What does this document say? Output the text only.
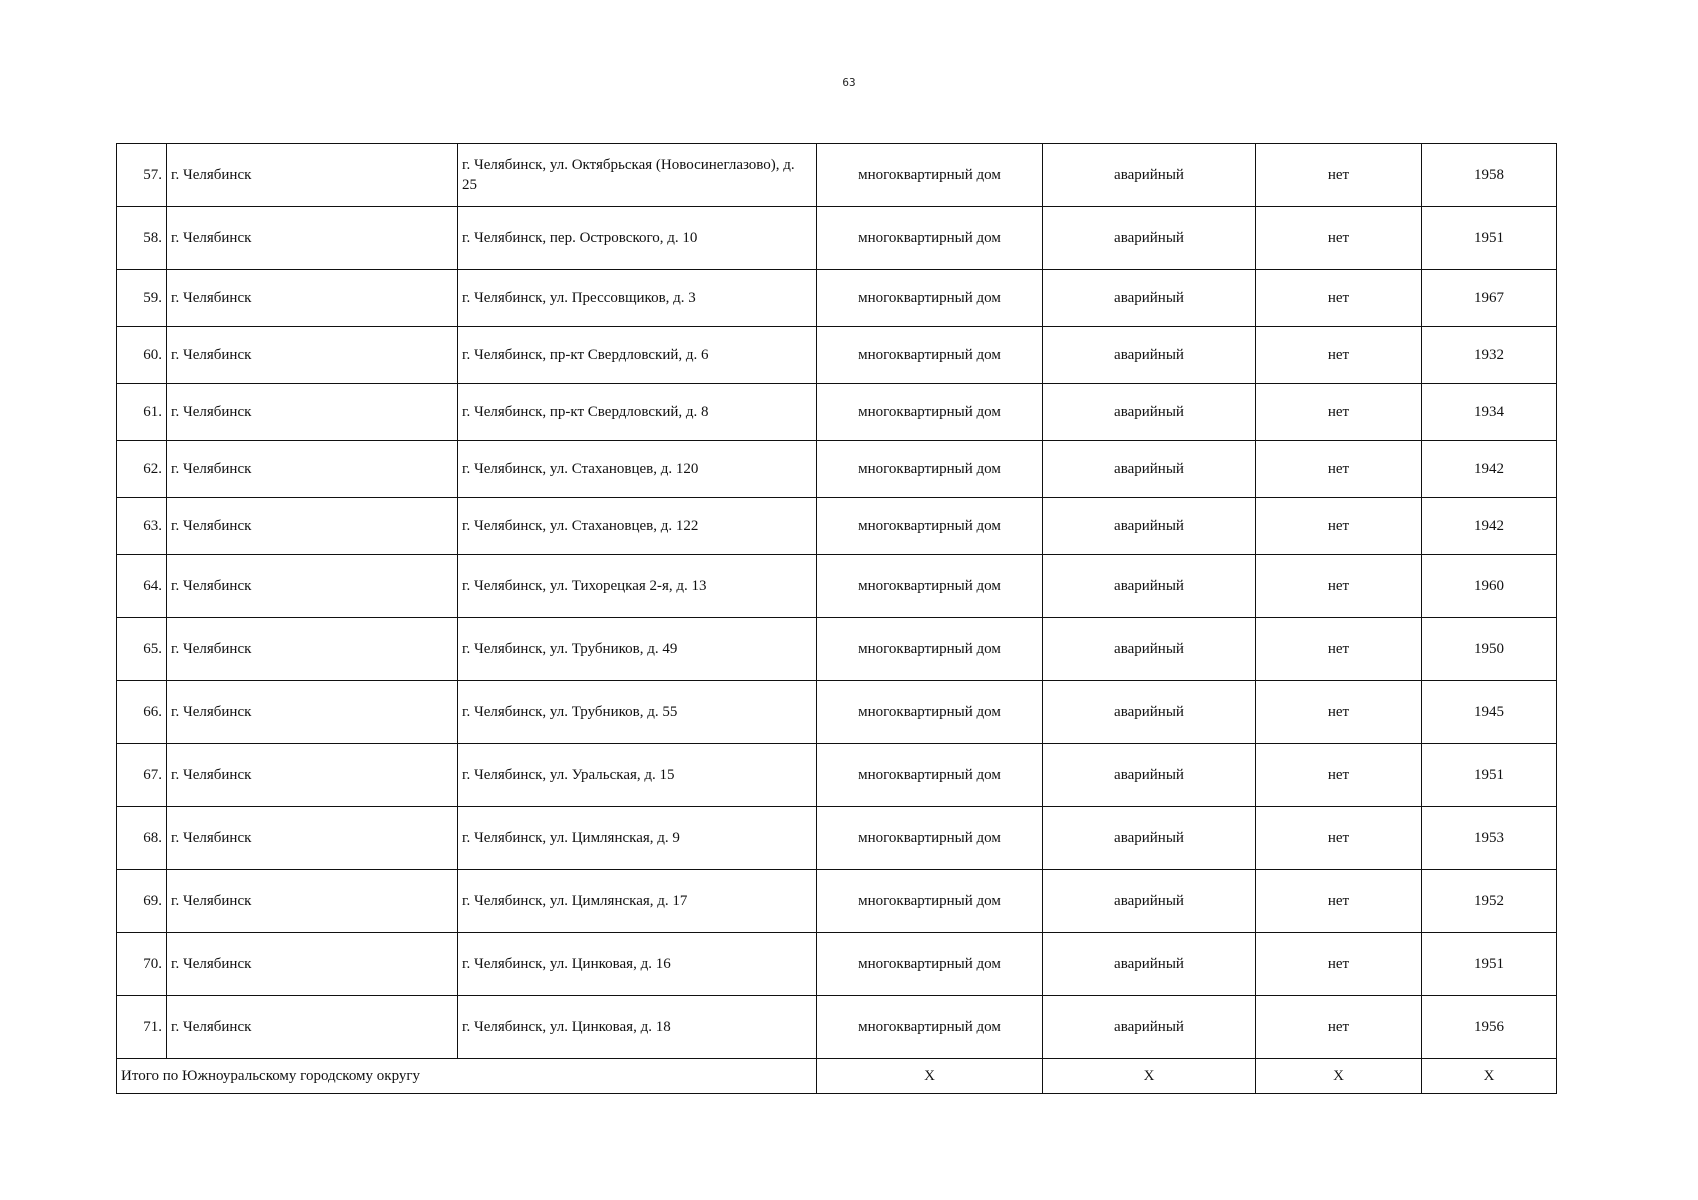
63
57.	г. Челябинск	г. Челябинск, ул. Октябрьская (Новосинеглазово), д. 25	многоквартирный дом	аварийный	нет	1958
58.	г. Челябинск	г. Челябинск, пер. Островского, д. 10	многоквартирный дом	аварийный	нет	1951
59.	г. Челябинск	г. Челябинск, ул. Прессовщиков, д. 3	многоквартирный дом	аварийный	нет	1967
60.	г. Челябинск	г. Челябинск, пр-кт Свердловский, д. 6	многоквартирный дом	аварийный	нет	1932
61.	г. Челябинск	г. Челябинск, пр-кт Свердловский, д. 8	многоквартирный дом	аварийный	нет	1934
62.	г. Челябинск	г. Челябинск, ул. Стахановцев, д. 120	многоквартирный дом	аварийный	нет	1942
63.	г. Челябинск	г. Челябинск, ул. Стахановцев, д. 122	многоквартирный дом	аварийный	нет	1942
64.	г. Челябинск	г. Челябинск, ул. Тихорецкая 2-я, д. 13	многоквартирный дом	аварийный	нет	1960
65.	г. Челябинск	г. Челябинск, ул. Трубников, д. 49	многоквартирный дом	аварийный	нет	1950
66.	г. Челябинск	г. Челябинск, ул. Трубников, д. 55	многоквартирный дом	аварийный	нет	1945
67.	г. Челябинск	г. Челябинск, ул. Уральская, д. 15	многоквартирный дом	аварийный	нет	1951
68.	г. Челябинск	г. Челябинск, ул. Цимлянская, д. 9	многоквартирный дом	аварийный	нет	1953
69.	г. Челябинск	г. Челябинск, ул. Цимлянская, д. 17	многоквартирный дом	аварийный	нет	1952
70.	г. Челябинск	г. Челябинск, ул. Цинковая, д. 16	многоквартирный дом	аварийный	нет	1951
71.	г. Челябинск	г. Челябинск, ул. Цинковая, д. 18	многоквартирный дом	аварийный	нет	1956
Итого по Южноуральскому городскому округу			Х	Х	Х	Х
